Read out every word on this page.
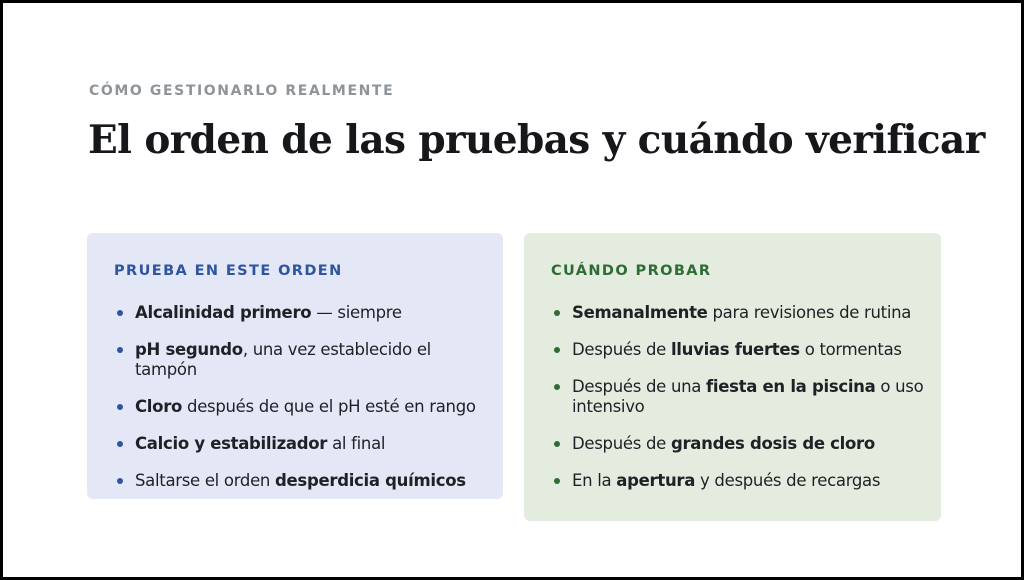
CÓMO GESTIONARLO REALMENTE
El orden de las pruebas y cuándo verificar
PRUEBA EN ESTE ORDEN
Alcalinidad primero — siempre
pH segundo, una vez establecido el tampón
Cloro después de que el pH esté en rango
Calcio y estabilizador al final
Saltarse el orden desperdicia químicos
CUÁNDO PROBAR
Semanalmente para revisiones de rutina
Después de lluvias fuertes o tormentas
Después de una fiesta en la piscina o uso intensivo
Después de grandes dosis de cloro
En la apertura y después de recargas
